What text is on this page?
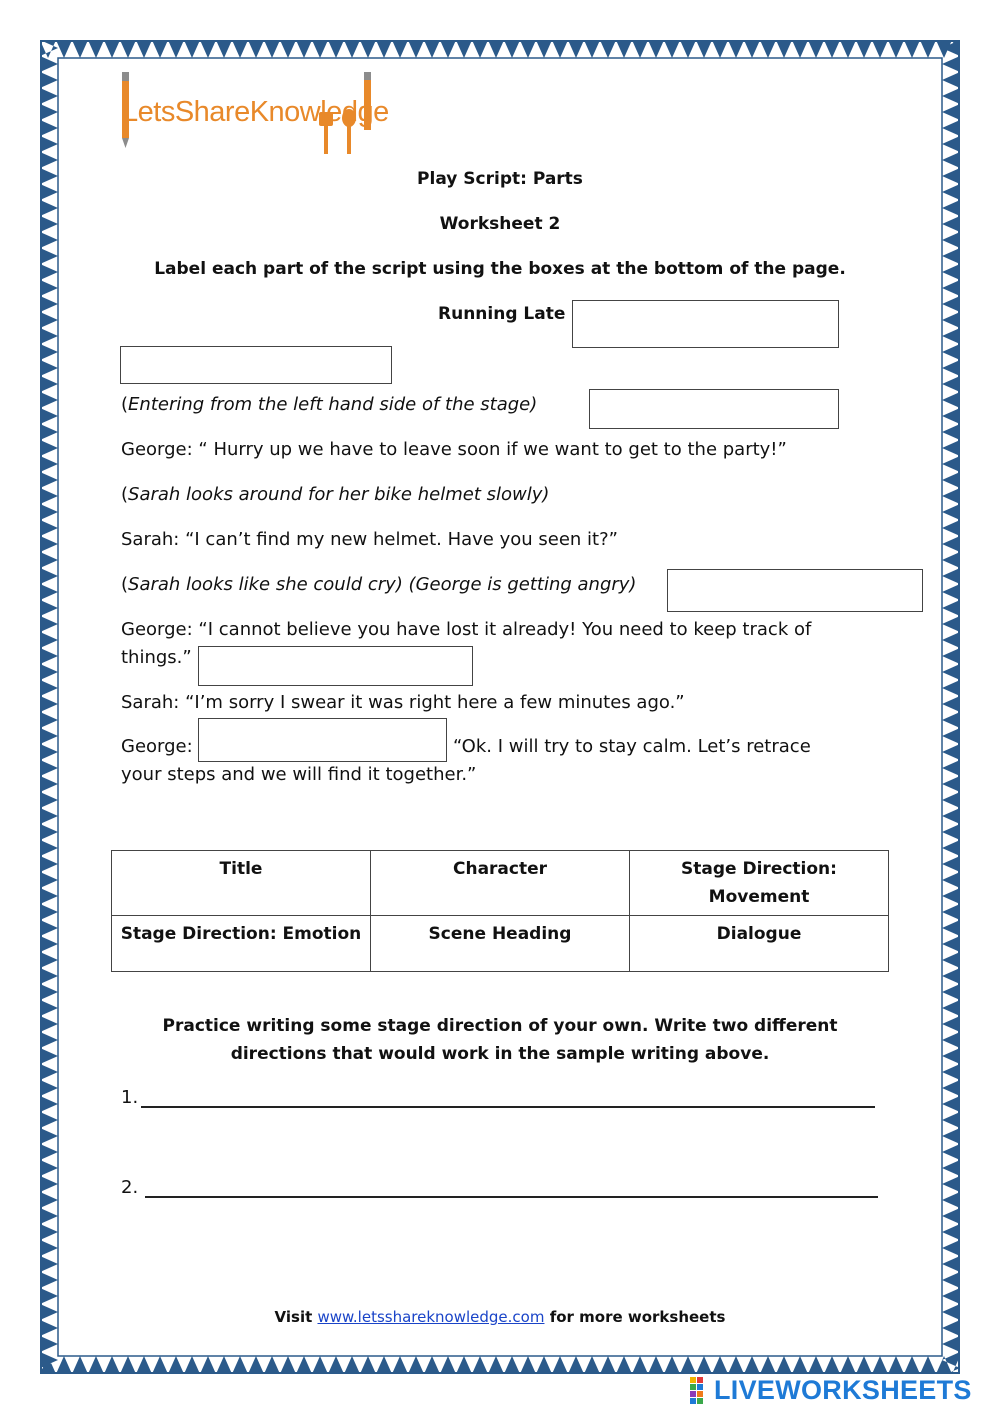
LetsShareKnowledge
Play Script: Parts
Worksheet 2
Label each part of the script using the boxes at the bottom of the page.
Running Late
(Entering from the left hand side of the stage)
George: “ Hurry up we have to leave soon if we want to get to the party!”
(Sarah looks around for her bike helmet slowly)
Sarah: “I can’t find my new helmet. Have you seen it?”
(Sarah looks like she could cry) (George is getting angry)
George: “I cannot believe you have lost it already! You need to keep track of
things.”
Sarah: “I’m sorry I swear it was right here a few minutes ago.”
George:	“Ok. I will try to stay calm. Let’s retrace
your steps and we will find it together.”
Title	Character	Stage Direction: Movement
Stage Direction: Emotion	Scene Heading	Dialogue
Practice writing some stage direction of your own. Write two different directions that would work in the sample writing above.
1.
2.
Visit www.letsshareknowledge.com for more worksheets
LIVEWORKSHEETS
